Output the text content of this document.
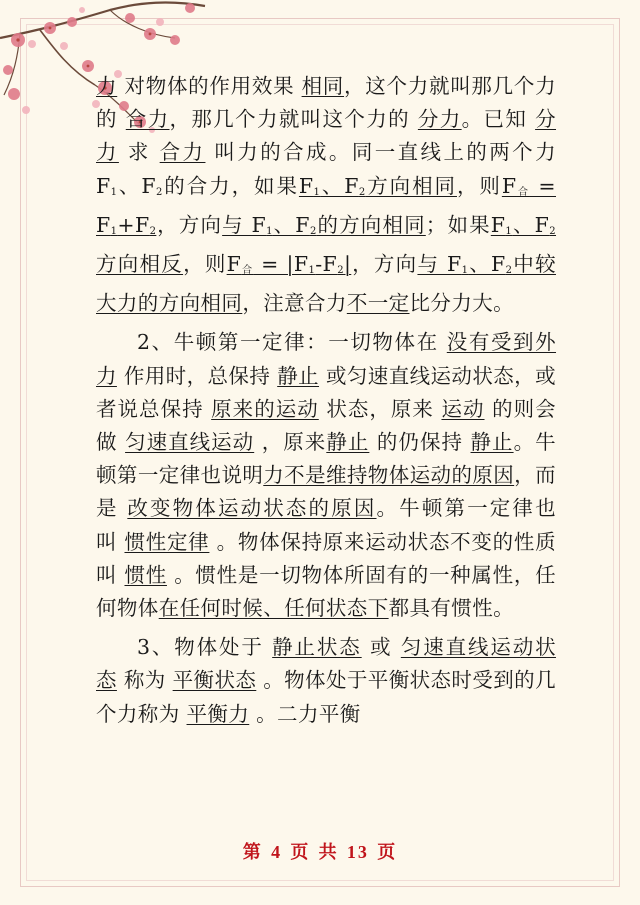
力 对物体的作用效果 相同，这个力就叫那几个力的 合力，那几个力就叫这个力的 分力。已知 分力 求 合力 叫力的合成。同一直线上的两个力 $F_1$、$F_2$的合力，如果$F_1$、$F_2$方向相同，则$F_合 = F_1+F_2$，方向与 $F_1$、$F_2$的方向相同；如果$F_1$、$F_2$方向相反，则$F_合 = |F_1-F_2|$，方向与 $F_1$、$F_2$中较大力的方向相同，注意合力不一定比分力大。

2、牛顿第一定律：一切物体在 没有受到外力 作用时，总保持 静止 或匀速直线运动状态，或者说总保持 原来的运动 状态，原来 运动 的则会做 匀速直线运动 ，原来静止 的仍保持 静止。牛顿第一定律也说明力不是维持物体运动的原因，而是 改变物体运动状态的原因。牛顿第一定律也叫 惯性定律 。物体保持原来运动状态不变的性质叫 惯性 。惯性是一切物体所固有的一种属性，任何物体在任何时候、任何状态下都具有惯性。

3、物体处于 静止状态 或 匀速直线运动状态 称为 平衡状态 。物体处于平衡状态时受到的几个力称为 平衡力 。二力平衡

第 4 页 共 13 页
